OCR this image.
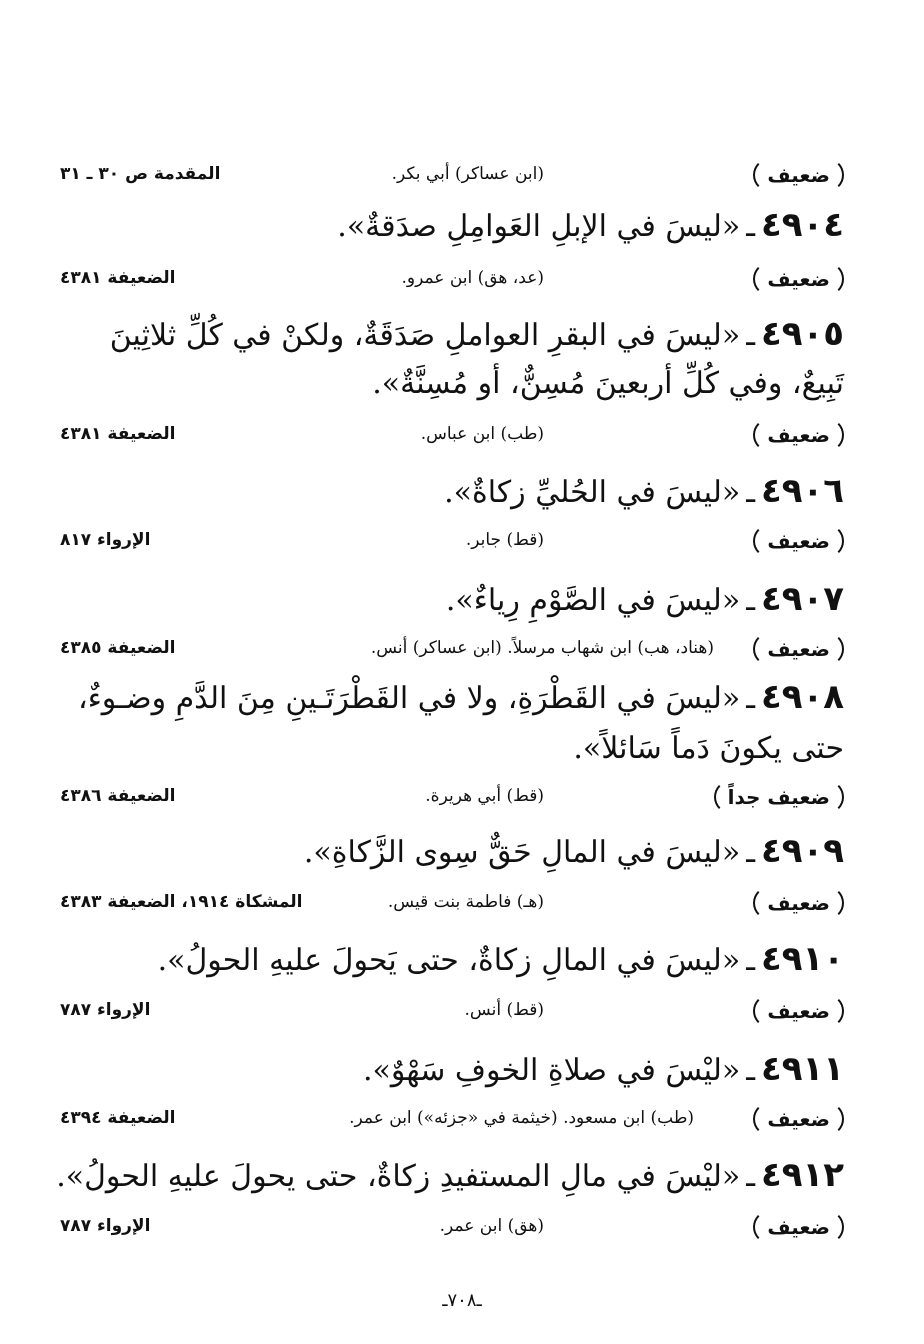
ضعيف
(ابن عساكر) أبي بكر.
المقدمة ص ٣٠ ـ ٣١
٤٩٠٤ـ«ليسَ في الإبلِ العَوامِلِ صدَقةٌ».
ضعيف
(عد، هق) ابن عمرو.
الضعيفة ٤٣٨١
٤٩٠٥ـ«ليسَ في البقرِ العواملِ صَدَقَةٌ، ولكنْ في كُلِّ ثلاثِينَ تَبِيعٌ، وفي كُلِّ أربعينَ مُسِنٌّ، أو مُسِنَّةٌ».
ضعيف
(طب) ابن عباس.
الضعيفة ٤٣٨١
٤٩٠٦ـ«ليسَ في الحُليِّ زكاةٌ».
ضعيف
(قط) جابر.
الإرواء ٨١٧
٤٩٠٧ـ«ليسَ في الصَّوْمِ رِياءٌ».
ضعيف
(هناد، هب) ابن شهاب مرسلاً. (ابن عساكر) أنس.
الضعيفة ٤٣٨٥
٤٩٠٨ـ«ليسَ في القَطْرَةِ، ولا في القَطْرَتَـينِ مِنَ الدَّمِ وضـوءٌ، حتى يكونَ دَماً سَائلاً».
ضعيف جداً
(قط) أبي هريرة.
الضعيفة ٤٣٨٦
٤٩٠٩ـ«ليسَ في المالِ حَقٌّ سِوى الزَّكاةِ».
ضعيف
(هـ) فاطمة بنت قيس.
المشكاة ١٩١٤، الضعيفة ٤٣٨٣
٤٩١٠ـ«ليسَ في المالِ زكاةٌ، حتى يَحولَ عليهِ الحولُ».
ضعيف
(قط) أنس.
الإرواء ٧٨٧
٤٩١١ـ«ليْسَ في صلاةِ الخوفِ سَهْوٌ».
ضعيف
(طب) ابن مسعود. (خيثمة في «جزئه») ابن عمر.
الضعيفة ٤٣٩٤
٤٩١٢ـ«ليْسَ في مالِ المستفيدِ زكاةٌ، حتى يحولَ عليهِ الحولُ».
ضعيف
(هق) ابن عمر.
الإرواء ٧٨٧
ـ٧٠٨ـ
